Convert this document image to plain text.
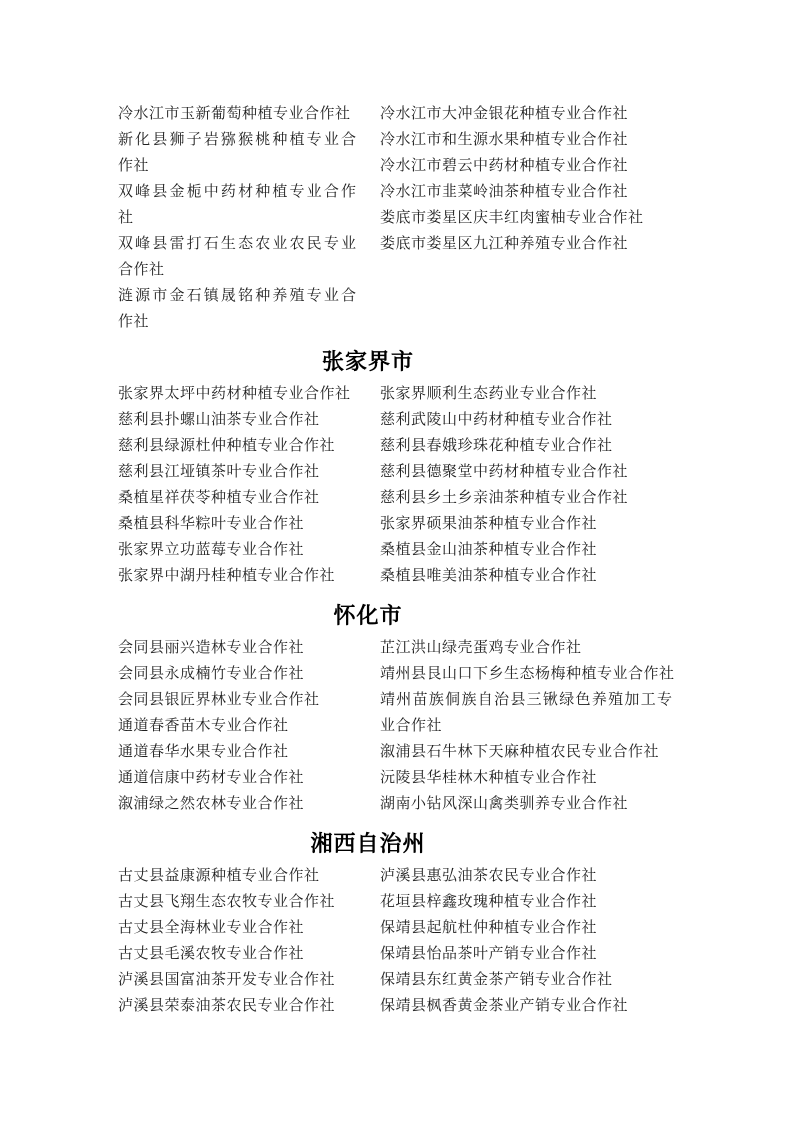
冷水江市玉新葡萄种植专业合作社
新化县狮子岩猕猴桃种植专业合
作社
双峰县金栀中药材种植专业合作
社
双峰县雷打石生态农业农民专业
合作社
涟源市金石镇晟铭种养殖专业合
作社
冷水江市大冲金银花种植专业合作社
冷水江市和生源水果种植专业合作社
冷水江市碧云中药材种植专业合作社
冷水江市韭菜岭油茶种植专业合作社
娄底市娄星区庆丰红肉蜜柚专业合作社
娄底市娄星区九江种养殖专业合作社
张家界市
张家界太坪中药材种植专业合作社
慈利县扑螺山油茶专业合作社
慈利县绿源杜仲种植专业合作社
慈利县江垭镇茶叶专业合作社
桑植星祥茯苓种植专业合作社
桑植县科华粽叶专业合作社
张家界立功蓝莓专业合作社
张家界中湖丹桂种植专业合作社
张家界顺利生态药业专业合作社
慈利武陵山中药材种植专业合作社
慈利县春娥珍珠花种植专业合作社
慈利县德聚堂中药材种植专业合作社
慈利县乡土乡亲油茶种植专业合作社
张家界硕果油茶种植专业合作社
桑植县金山油茶种植专业合作社
桑植县唯美油茶种植专业合作社
怀化市
会同县丽兴造林专业合作社
会同县永成楠竹专业合作社
会同县银匠界林业专业合作社
通道春香苗木专业合作社
通道春华水果专业合作社
通道信康中药材专业合作社
溆浦绿之然农林专业合作社
芷江洪山绿壳蛋鸡专业合作社
靖州县艮山口下乡生态杨梅种植专业合作社
靖州苗族侗族自治县三锹绿色养殖加工专
业合作社
溆浦县石牛林下天麻种植农民专业合作社
沅陵县华桂林木种植专业合作社
湖南小钻风深山禽类驯养专业合作社
湘西自治州
古丈县益康源种植专业合作社
古丈县飞翔生态农牧专业合作社
古丈县全海林业专业合作社
古丈县毛溪农牧专业合作社
泸溪县国富油茶开发专业合作社
泸溪县荣泰油茶农民专业合作社
泸溪县惠弘油茶农民专业合作社
花垣县梓鑫玫瑰种植专业合作社
保靖县起航杜仲种植专业合作社
保靖县怡品茶叶产销专业合作社
保靖县东红黄金茶产销专业合作社
保靖县枫香黄金茶业产销专业合作社
